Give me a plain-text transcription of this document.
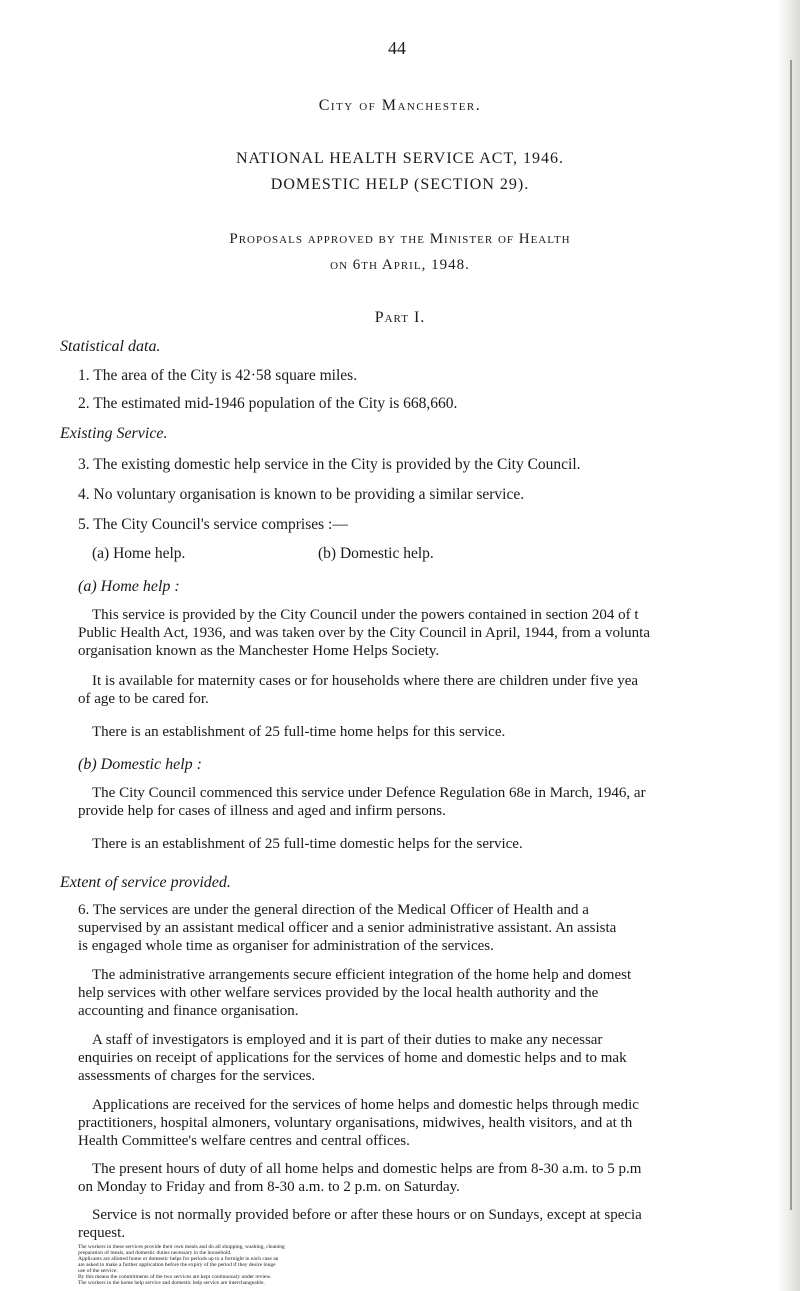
44
City of Manchester.
NATIONAL HEALTH SERVICE ACT, 1946.
DOMESTIC HELP (SECTION 29).
Proposals approved by the Minister of Health
on 6th April, 1948.
Part I.
Statistical data.
1. The area of the City is 42·58 square miles.
2. The estimated mid-1946 population of the City is 668,660.
Existing Service.
3. The existing domestic help service in the City is provided by the City Council.
4. No voluntary organisation is known to be providing a similar service.
5. The City Council's service comprises :—
(a) Home help.	(b) Domestic help.
(a) Home help :
This service is provided by the City Council under the powers contained in section 204 of t
Public Health Act, 1936, and was taken over by the City Council in April, 1944, from a volunta
organisation known as the Manchester Home Helps Society.
It is available for maternity cases or for households where there are children under five yea
of age to be cared for.
There is an establishment of 25 full-time home helps for this service.
(b) Domestic help :
The City Council commenced this service under Defence Regulation 68e in March, 1946, ar
provide help for cases of illness and aged and infirm persons.
There is an establishment of 25 full-time domestic helps for the service.
Extent of service provided.
6. The services are under the general direction of the Medical Officer of Health and a
supervised by an assistant medical officer and a senior administrative assistant. An assista
is engaged whole time as organiser for administration of the services.
The administrative arrangements secure efficient integration of the home help and domest
help services with other welfare services provided by the local health authority and the
accounting and finance organisation.
A staff of investigators is employed and it is part of their duties to make any necessar
enquiries on receipt of applications for the services of home and domestic helps and to mak
assessments of charges for the services.
Applications are received for the services of home helps and domestic helps through medic
practitioners, hospital almoners, voluntary organisations, midwives, health visitors, and at th
Health Committee's welfare centres and central offices.
The present hours of duty of all home helps and domestic helps are from 8-30 a.m. to 5 p.m
on Monday to Friday and from 8-30 a.m. to 2 p.m. on Saturday.
Service is not normally provided before or after these hours or on Sundays, except at specia
request.
The workers in these services provide their own meals and do all shopping, washing, cleaning
preparation of meals, and domestic duties necessary in the household.
Applicants are allotted home or domestic helps for periods up to a fortnight in each case an
are asked to make a further application before the expiry of the period if they desire longe
use of the service.
By this means the commitments of the two services are kept continuously under review.
The workers in the home help service and domestic help service are interchangeable.
